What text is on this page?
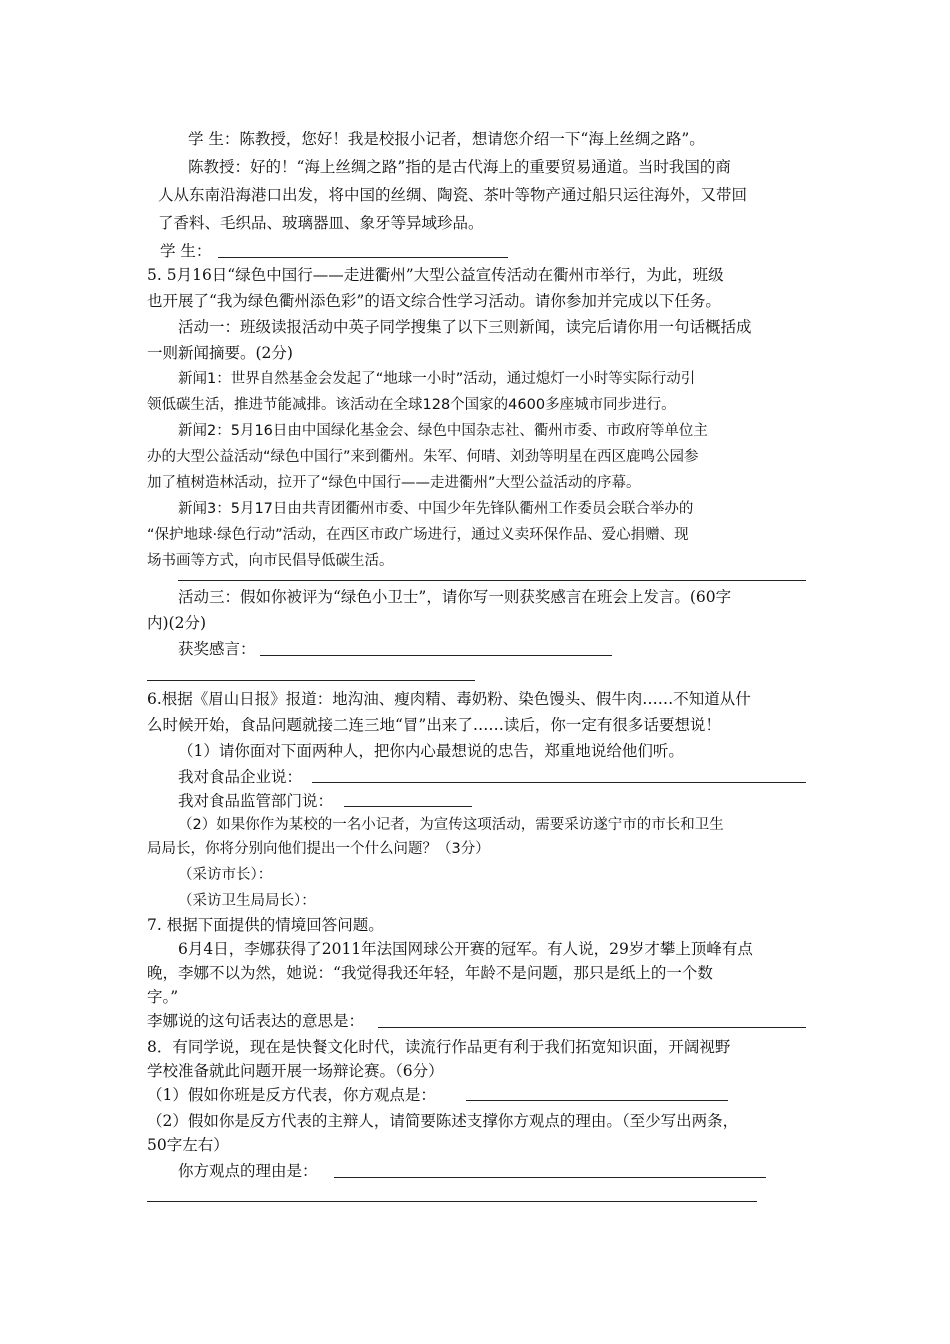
学 生：陈教授，您好！我是校报小记者，想请您介绍一下“海上丝绸之路”。
陈教授：好的！“海上丝绸之路”指的是古代海上的重要贸易通道。当时我国的商
人从东南沿海港口出发，将中国的丝绸、陶瓷、茶叶等物产通过船只运往海外，又带回
了香料、毛织品、玻璃器皿、象牙等异域珍品。
学 生：
5. 5月16日“绿色中国行——走进衢州”大型公益宣传活动在衢州市举行，为此，班级
也开展了“我为绿色衢州添色彩”的语文综合性学习活动。请你参加并完成以下任务。
活动一：班级读报活动中英子同学搜集了以下三则新闻，读完后请你用一句话概括成
一则新闻摘要。(2分)
新闻1：世界自然基金会发起了“地球一小时”活动，通过熄灯一小时等实际行动引
领低碳生活，推进节能减排。该活动在全球128个国家的4600多座城市同步进行。
新闻2：5月16日由中国绿化基金会、绿色中国杂志社、衢州市委、市政府等单位主
办的大型公益活动“绿色中国行”来到衢州。朱军、何晴、刘劲等明星在西区鹿鸣公园参
加了植树造林活动，拉开了“绿色中国行——走进衢州”大型公益活动的序幕。
新闻3：5月17日由共青团衢州市委、中国少年先锋队衢州工作委员会联合举办的
“保护地球·绿色行动”活动，在西区市政广场进行，通过义卖环保作品、爱心捐赠、现
场书画等方式，向市民倡导低碳生活。
活动三：假如你被评为“绿色小卫士”，请你写一则获奖感言在班会上发言。(60字
内)(2分)
获奖感言：
6.根据《眉山日报》报道：地沟油、瘦肉精、毒奶粉、染色馒头、假牛肉……不知道从什
么时候开始，食品问题就接二连三地“冒”出来了……读后，你一定有很多话要想说！
（1）请你面对下面两种人，把你内心最想说的忠告，郑重地说给他们听。
我对食品企业说：
我对食品监管部门说：
（2）如果你作为某校的一名小记者，为宣传这项活动，需要采访遂宁市的市长和卫生
局局长，你将分别向他们提出一个什么问题？（3分）
（采访市长）：
（采访卫生局局长）：
7. 根据下面提供的情境回答问题。
6月4日，李娜获得了2011年法国网球公开赛的冠军。有人说，29岁才攀上顶峰有点
晚，李娜不以为然，她说：“我觉得我还年轻，年龄不是问题，那只是纸上的一个数
字。”
李娜说的这句话表达的意思是：
8．有同学说，现在是快餐文化时代，读流行作品更有利于我们拓宽知识面，开阔视野
学校准备就此问题开展一场辩论赛。（6分）
（1）假如你班是反方代表，你方观点是：
（2）假如你是反方代表的主辩人，请简要陈述支撑你方观点的理由。（至少写出两条，
50字左右）
你方观点的理由是：
